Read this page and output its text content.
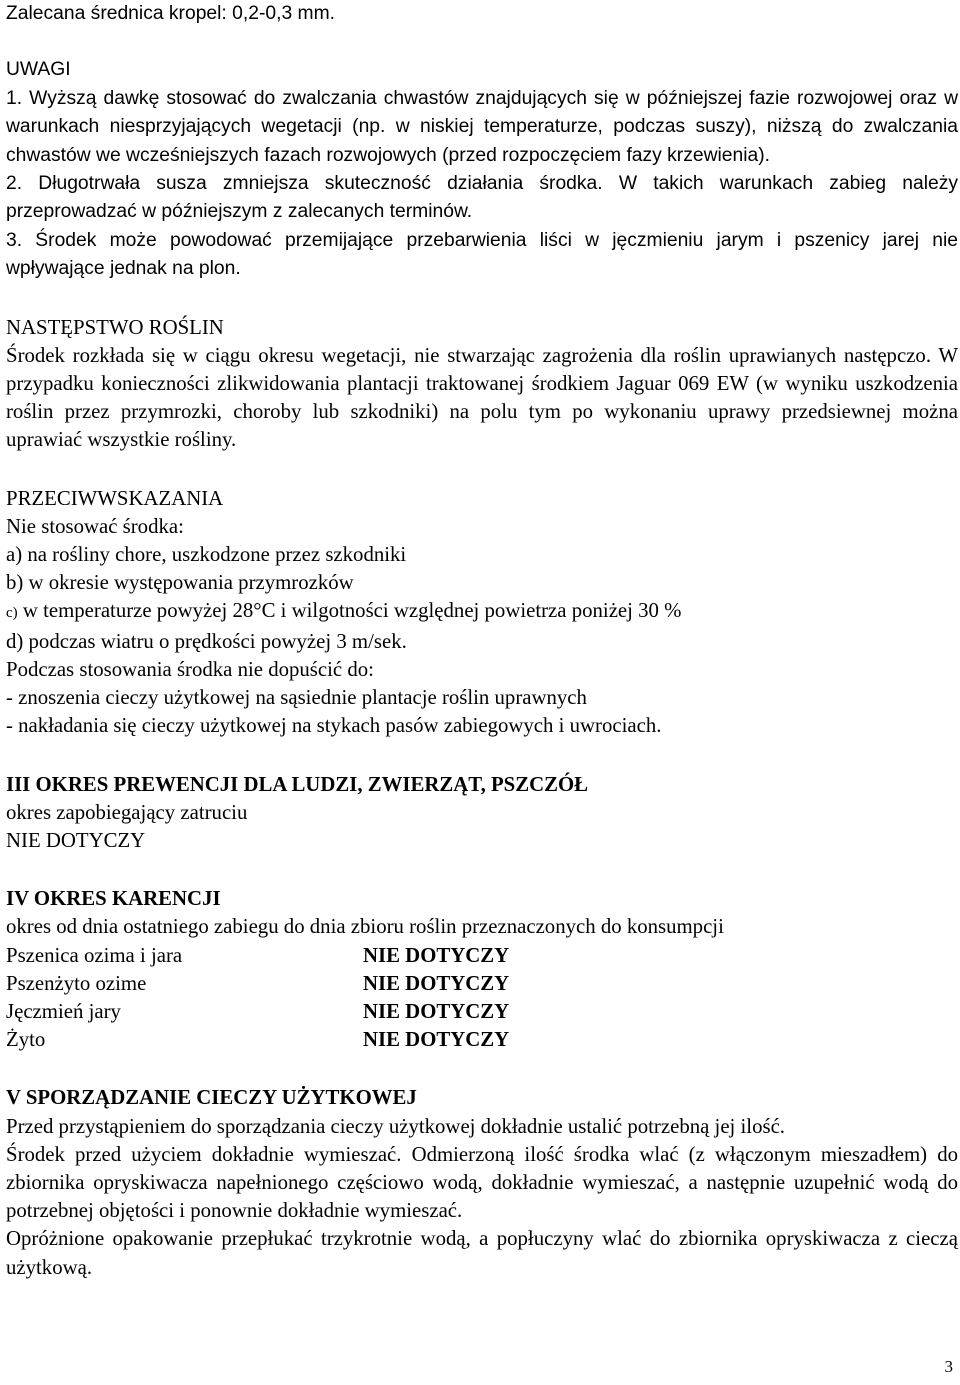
Zalecana średnica kropel: 0,2-0,3 mm.

UWAGI

1. Wyższą dawkę stosować do zwalczania chwastów znajdujących się w późniejszej fazie rozwojowej oraz w warunkach niesprzyjających wegetacji (np. w niskiej temperaturze, podczas suszy), niższą do zwalczania chwastów we wcześniejszych fazach rozwojowych (przed rozpoczęciem fazy krzewienia).

2. Długotrwała susza zmniejsza skuteczność działania środka. W takich warunkach zabieg należy przeprowadzać w późniejszym z zalecanych terminów.

3. Środek może powodować przemijające przebarwienia liści w jęczmieniu jarym i pszenicy jarej nie wpływające jednak na plon.

NASTĘPSTWO ROŚLIN

Środek rozkłada się w ciągu okresu wegetacji, nie stwarzając zagrożenia dla roślin uprawianych następczo. W przypadku konieczności zlikwidowania plantacji traktowanej środkiem Jaguar 069 EW (w wyniku uszkodzenia roślin przez przymrozki, choroby lub szkodniki) na polu tym po wykonaniu uprawy przedsiewnej można uprawiać wszystkie rośliny.

PRZECIWWSKAZANIA

Nie stosować środka:

a) na rośliny chore, uszkodzone przez szkodniki

b) w okresie występowania przymrozków

c) w temperaturze powyżej 28°C i wilgotności względnej powietrza poniżej 30 %

d) podczas wiatru o prędkości powyżej 3 m/sek.

Podczas stosowania środka nie dopuścić do:

- znoszenia cieczy użytkowej na sąsiednie plantacje roślin uprawnych

- nakładania się cieczy użytkowej na stykach pasów zabiegowych i uwrociach.

III OKRES PREWENCJI DLA LUDZI, ZWIERZĄT, PSZCZÓŁ

okres zapobiegający zatruciu

NIE DOTYCZY

IV OKRES KARENCJI

okres od dnia ostatniego zabiegu do dnia zbioru roślin przeznaczonych do konsumpcji

Pszenica ozima i jara	NIE DOTYCZY
Pszenżyto ozime	NIE DOTYCZY
Jęczmień jary	NIE DOTYCZY
Żyto	NIE DOTYCZY

V SPORZĄDZANIE CIECZY UŻYTKOWEJ

Przed przystąpieniem do sporządzania cieczy użytkowej dokładnie ustalić potrzebną jej ilość.

Środek przed użyciem dokładnie wymieszać. Odmierzoną ilość środka wlać (z włączonym mieszadłem) do zbiornika opryskiwacza napełnionego częściowo wodą, dokładnie wymieszać, a następnie uzupełnić wodą do potrzebnej objętości i ponownie dokładnie wymieszać.

Opróżnione opakowanie przepłukać trzykrotnie wodą, a popłuczyny wlać do zbiornika opryskiwacza z cieczą użytkową.

3
